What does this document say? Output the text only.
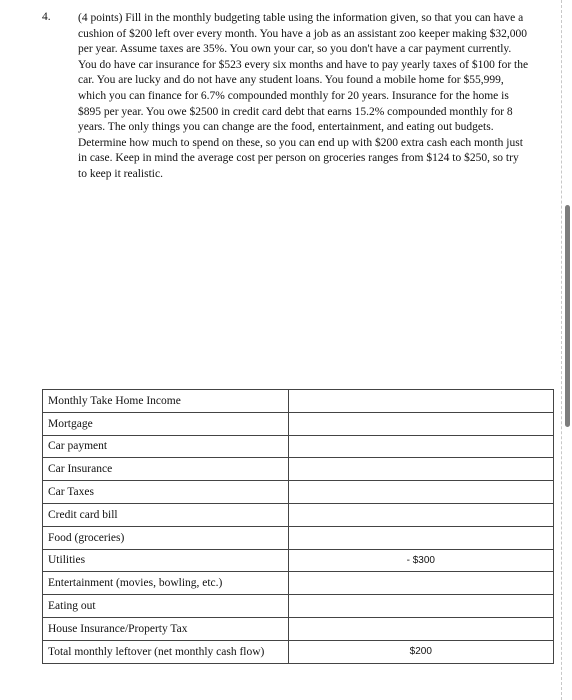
4. (4 points) Fill in the monthly budgeting table using the information given, so that you can have a cushion of $200 left over every month. You have a job as an assistant zoo keeper making $32,000 per year. Assume taxes are 35%. You own your car, so you don't have a car payment currently. You do have car insurance for $523 every six months and have to pay yearly taxes of $100 for the car. You are lucky and do not have any student loans. You found a mobile home for $55,999, which you can finance for 6.7% compounded monthly for 20 years. Insurance for the home is $895 per year. You owe $2500 in credit card debt that earns 15.2% compounded monthly for 8 years. The only things you can change are the food, entertainment, and eating out budgets. Determine how much to spend on these, so you can end up with $200 extra cash each month just in case. Keep in mind the average cost per person on groceries ranges from $124 to $250, so try to keep it realistic.

Monthly Take Home Income	
Mortgage	
Car payment	
Car Insurance	
Car Taxes	
Credit card bill	
Food (groceries)	
Utilities	- $300
Entertainment (movies, bowling, etc.)	
Eating out	
House Insurance/Property Tax	
Total monthly leftover (net monthly cash flow)	$200
